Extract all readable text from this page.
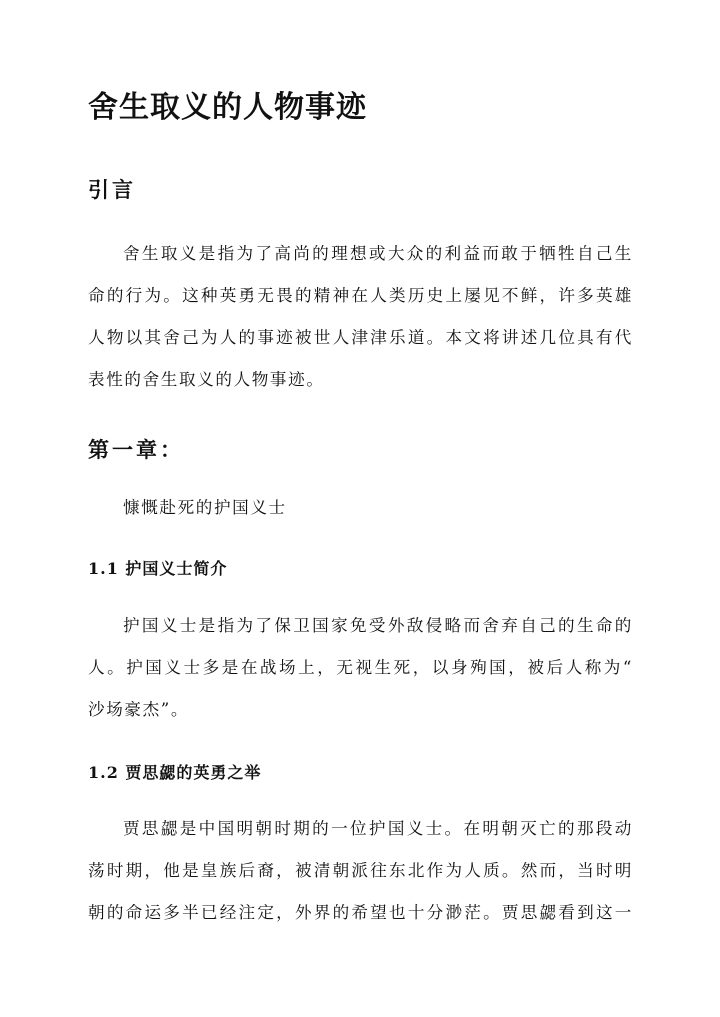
舍生取义的人物事迹
引言
舍生取义是指为了高尚的理想或大众的利益而敢于牺牲自己生
命的行为。这种英勇无畏的精神在人类历史上屡见不鲜，许多英雄
人物以其舍己为人的事迹被世人津津乐道。本文将讲述几位具有代
表性的舍生取义的人物事迹。
第一章：
慷慨赴死的护国义士
1.1 护国义士简介
护国义士是指为了保卫国家免受外敌侵略而舍弃自己的生命的
人。护国义士多是在战场上，无视生死，以身殉国，被后人称为“
沙场豪杰”。
1.2 贾思勰的英勇之举
贾思勰是中国明朝时期的一位护国义士。在明朝灭亡的那段动
荡时期，他是皇族后裔，被清朝派往东北作为人质。然而，当时明
朝的命运多半已经注定，外界的希望也十分渺茫。贾思勰看到这一
